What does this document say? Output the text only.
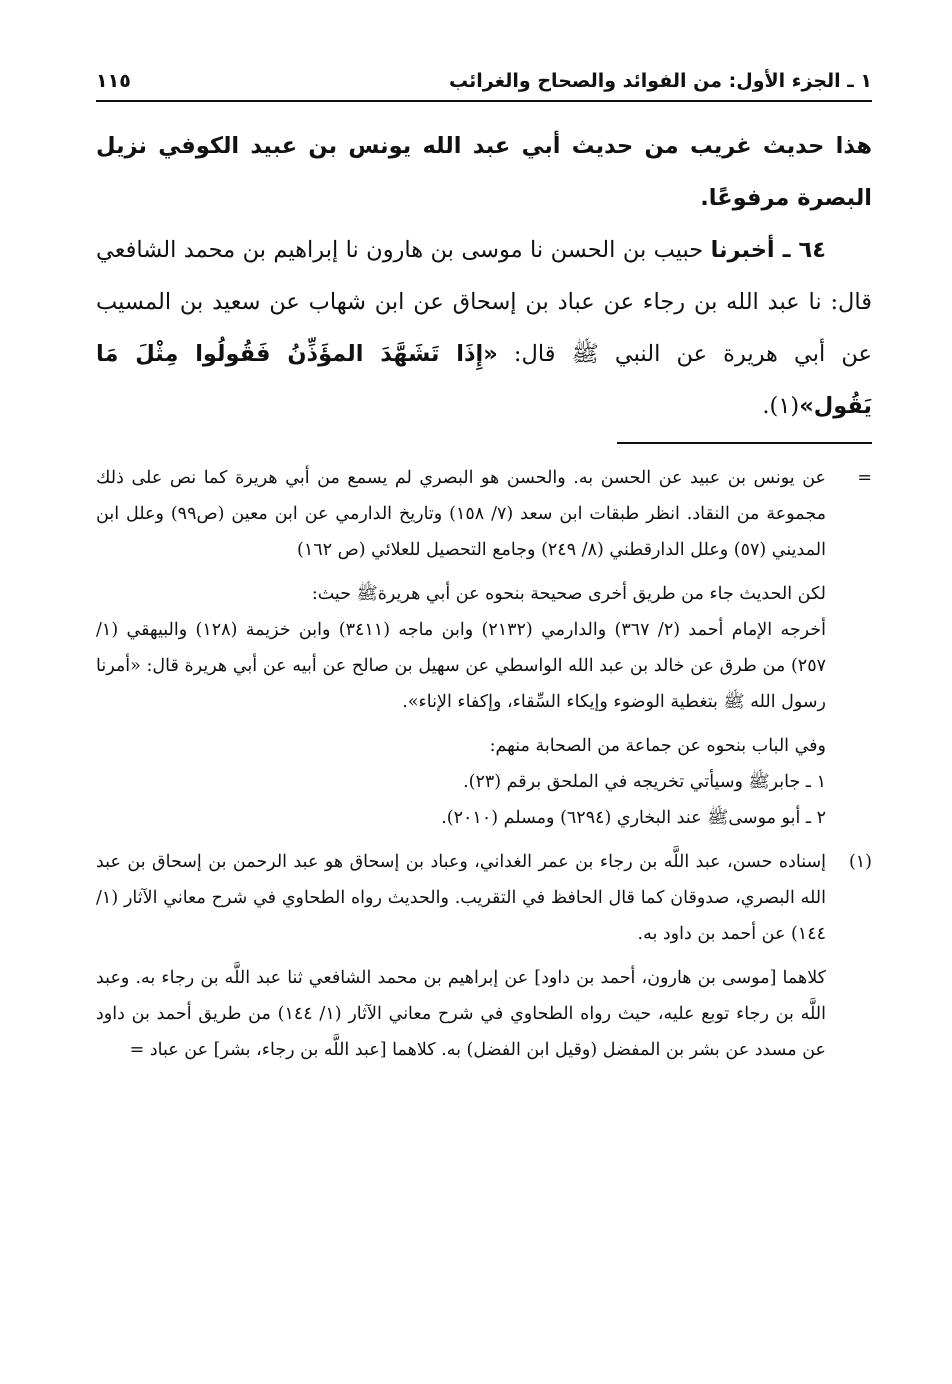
١ ـ الجزء الأول: من الفوائد والصحاح والغرائب
١١٥

هذا حديث غريب من حديث أبي عبد الله يونس بن عبيد الكوفي نزيل البصرة مرفوعًا.

٦٤ ـ أخبرنا حبيب بن الحسن نا موسى بن هارون نا إبراهيم بن محمد الشافعي قال: نا عبد الله بن رجاء عن عباد بن إسحاق عن ابن شهاب عن سعيد بن المسيب عن أبي هريرة عن النبي ﷺ قال: «إِذَا تَشَهَّدَ المؤَذِّنُ فَقُولُوا مِثْلَ مَا يَقُول»(١).

=

عن يونس بن عبيد عن الحسن به. والحسن هو البصري لم يسمع من أبي هريرة كما نص على ذلك مجموعة من النقاد. انظر طبقات ابن سعد (٧/ ١٥٨) وتاريخ الدارمي عن ابن معين (ص٩٩) وعلل ابن المديني (٥٧) وعلل الدارقطني (٨/ ٢٤٩) وجامع التحصيل للعلائي (ص ١٦٢)

لكن الحديث جاء من طريق أخرى صحيحة بنحوه عن أبي هريرةﷺ حيث:

أخرجه الإمام أحمد (٢/ ٣٦٧) والدارمي (٢١٣٢) وابن ماجه (٣٤١١) وابن خزيمة (١٢٨) والبيهقي (١/ ٢٥٧) من طرق عن خالد بن عبد الله الواسطي عن سهيل بن صالح عن أبيه عن أبي هريرة قال: «أمرنا رسول الله ﷺ بتغطية الوضوء وإيكاء السِّقاء، وإكفاء الإناء».

وفي الباب بنحوه عن جماعة من الصحابة منهم:

١ ـ جابرﷺ وسيأتي تخريجه في الملحق برقم (٢٣).

٢ ـ أبو موسىﷺ عند البخاري (٦٢٩٤) ومسلم (٢٠١٠).

(١)

إسناده حسن، عبد اللَّه بن رجاء بن عمر الغداني، وعباد بن إسحاق هو عبد الرحمن بن إسحاق بن عبد الله البصري، صدوقان كما قال الحافظ في التقريب. والحديث رواه الطحاوي في شرح معاني الآثار (١/ ١٤٤) عن أحمد بن داود به.

كلاهما [موسى بن هارون، أحمد بن داود] عن إبراهيم بن محمد الشافعي ثنا عبد اللَّه بن رجاء به. وعبد اللَّه بن رجاء توبع عليه، حيث رواه الطحاوي في شرح معاني الآثار (١/ ١٤٤) من طريق أحمد بن داود عن مسدد عن بشر بن المفضل (وقيل ابن الفضل) به. كلاهما [عبد اللَّه بن رجاء، بشر] عن عباد =
